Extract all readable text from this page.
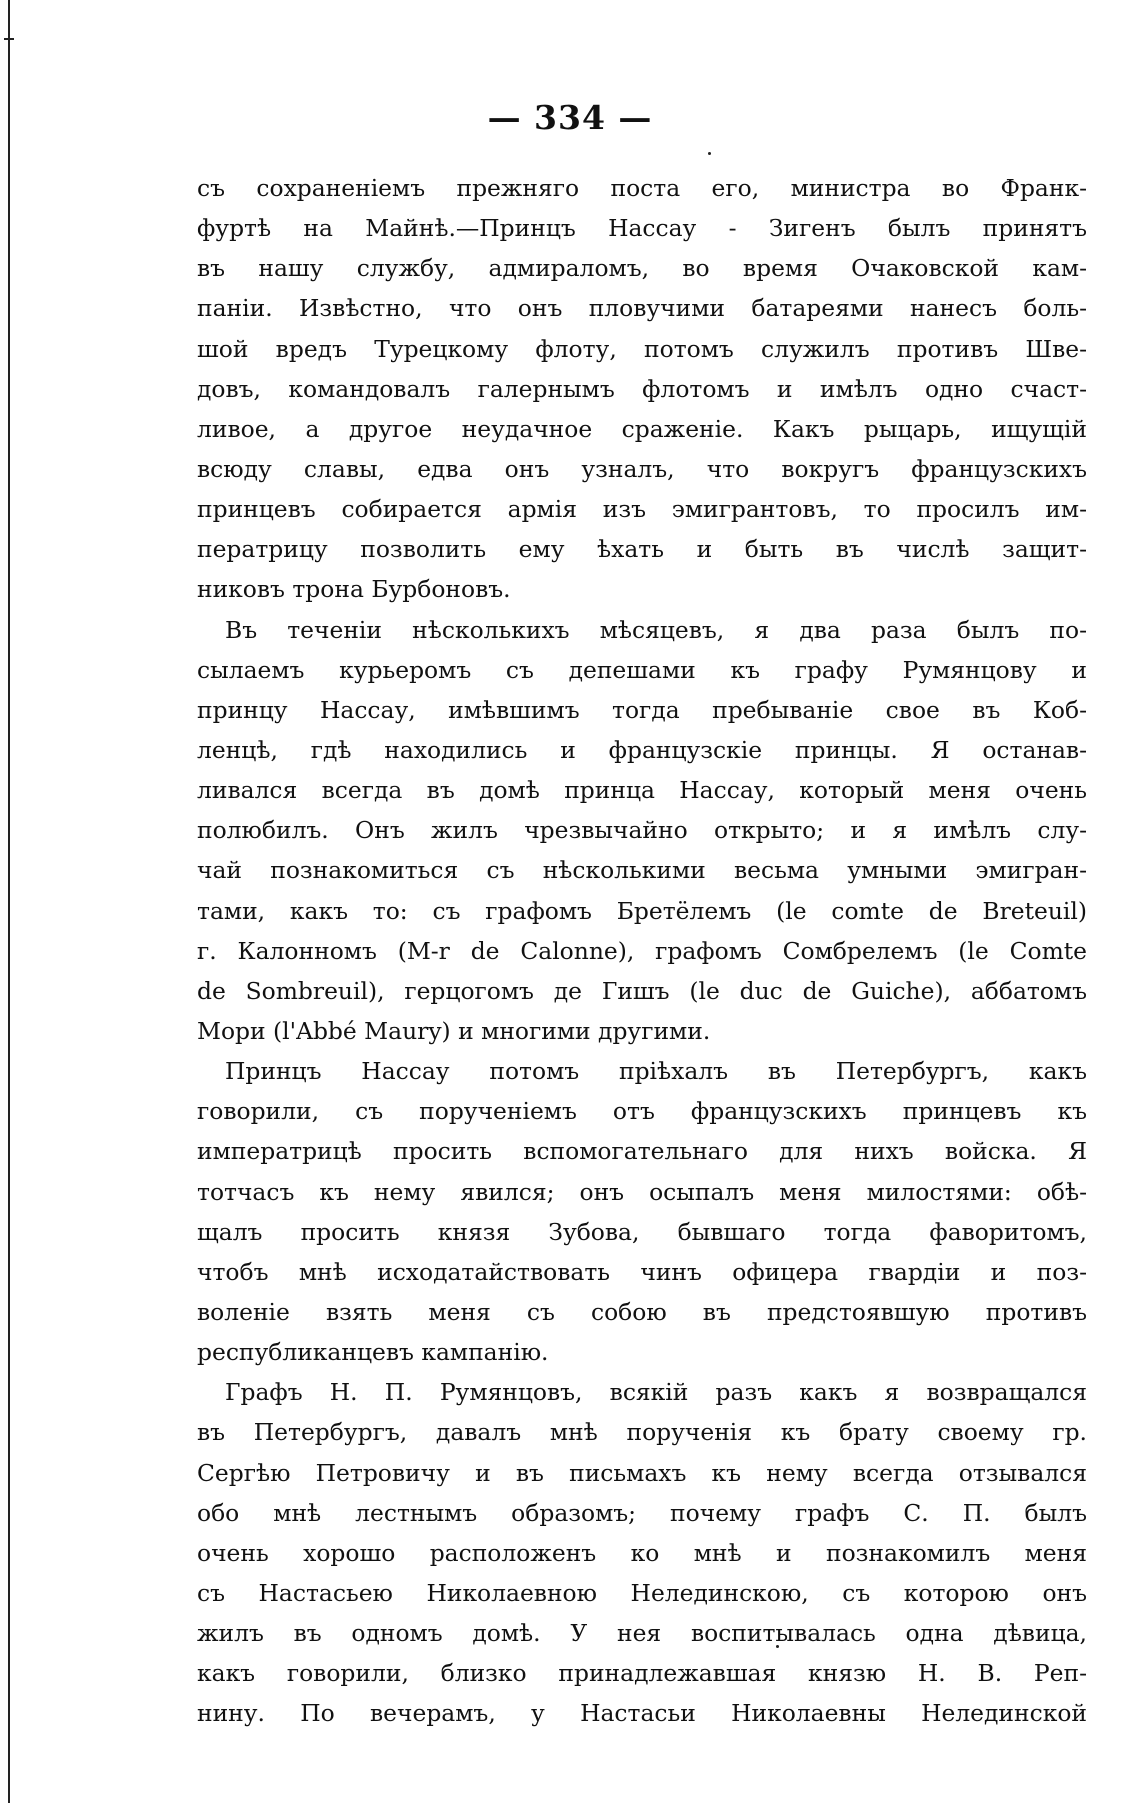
— 334 —
съ сохраненіемъ прежняго поста его, министра во Франк-
фуртѣ на Майнѣ.—Принцъ Нассау - Зигенъ былъ принятъ
въ нашу службу, адмираломъ, во время Очаковской кам-
паніи. Извѣстно, что онъ пловучими батареями нанесъ боль-
шой вредъ Турецкому флоту, потомъ служилъ противъ Шве-
довъ, командовалъ галернымъ флотомъ и имѣлъ одно счаст-
ливое, а другое неудачное сраженіе. Какъ рыцарь, ищущій
всюду славы, едва онъ узналъ, что вокругъ французскихъ
принцевъ собирается армія изъ эмигрантовъ, то просилъ им-
ператрицу позволить ему ѣхать и быть въ числѣ защит-
никовъ трона Бурбоновъ.
Въ теченіи нѣсколькихъ мѣсяцевъ, я два раза былъ по-
сылаемъ курьеромъ съ депешами къ графу Румянцову и
принцу Нассау, имѣвшимъ тогда пребываніе свое въ Коб-
ленцѣ, гдѣ находились и французскіе принцы. Я останав-
ливался всегда въ домѣ принца Нассау, который меня очень
полюбилъ. Онъ жилъ чрезвычайно открыто; и я имѣлъ слу-
чай познакомиться съ нѣсколькими весьма умными эмигран-
тами, какъ то: съ графомъ Бретёлемъ (le comte de Breteuil)
г. Калонномъ (M-r de Calonne), графомъ Сомбрелемъ (le Comte
de Sombreuil), герцогомъ де Гишъ (le duc de Guiche), аббатомъ
Мори (l'Abbé Maury) и многими другими.
Принцъ Нассау потомъ пріѣхалъ въ Петербургъ, какъ
говорили, съ порученіемъ отъ французскихъ принцевъ къ
императрицѣ просить вспомогательнаго для нихъ войска. Я
тотчасъ къ нему явился; онъ осыпалъ меня милостями: обѣ-
щалъ просить князя Зубова, бывшаго тогда фаворитомъ,
чтобъ мнѣ исходатайствовать чинъ офицера гвардіи и поз-
воленіе взять меня съ собою въ предстоявшую противъ
республиканцевъ кампанію.
Графъ Н. П. Румянцовъ, всякій разъ какъ я возвращался
въ Петербургъ, давалъ мнѣ порученія къ брату своему гр.
Сергѣю Петровичу и въ письмахъ къ нему всегда отзывался
обо мнѣ лестнымъ образомъ; почему графъ С. П. былъ
очень хорошо расположенъ ко мнѣ и познакомилъ меня
съ Настасьею Николаевною Нелединскою, съ которою онъ
жилъ въ одномъ домѣ. У нея воспитывалась одна дѣвица,
какъ говорили, близко принадлежавшая князю Н. В. Реп-
нину. По вечерамъ, у Настасьи Николаевны Нелединской
